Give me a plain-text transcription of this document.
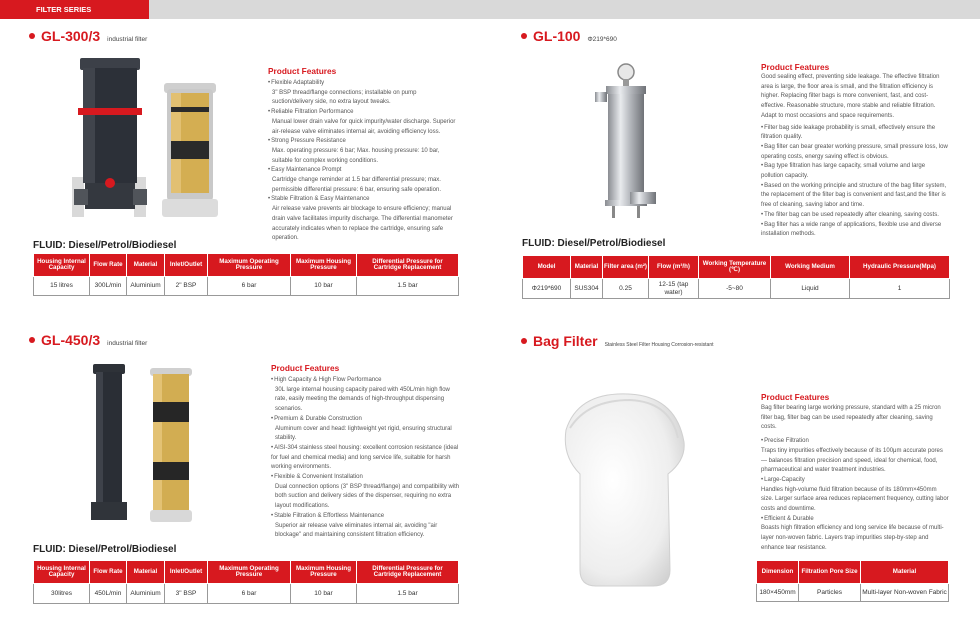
FILTER SERIES
GL-300/3 industrial filter
Product Features

• Flexible Adaptability

3" BSP thread/flange connections; installable on pump suction/delivery side, no extra layout tweaks.

• Reliable Filtration Performance

Manual lower drain valve for quick impurity/water discharge. Superior air-release valve eliminates internal air, avoiding efficiency loss.

• Strong Pressure Resistance

Max. operating pressure: 6 bar; Max. housing pressure: 10 bar, suitable for complex working conditions.

• Easy Maintenance Prompt

Cartridge change reminder at 1.5 bar differential pressure; max. permissible differential pressure: 6 bar, ensuring safe operation.

• Stable Filtration & Easy Maintenance

Air release valve prevents air blockage to ensure efficiency; manual drain valve facilitates impurity discharge. The differential manometer accurately indicates when to replace the cartridge, ensuring safe operation.

FLUID: Diesel/Petrol/Biodiesel
Housing Internal Capacity	Flow Rate	Material	Inlet/Outlet	Maximum Operating Pressure	Maximum Housing Pressure	Differential Pressure for Cartridge Replacement
15 litres	300L/min	Aluminium	2" BSP	6 bar	10 bar	1.5 bar
GL-100 Φ219*690
Product Features

Good sealing effect, preventing side leakage. The effective filtration area is large, the floor area is small, and the filtration efficiency is higher. Replacing filter bags is more convenient, fast, and cost-effective. Reasonable structure, more stable and reliable filtration. Adapt to most occasions and space requirements.

• Filter bag side leakage probability is small, effectively ensure the filtration quality.

• Bag filter can bear greater working pressure, small pressure loss, low operating costs, energy saving effect is obvious.

• Bag type filtration has large capacity, small volume and large pollution capacity.

• Based on the working principle and structure of the bag filter system, the replacement of the filter bag is convenient and fast,and the filter is free of cleaning, saving labor and time.

• The filter bag can be used repeatedly after cleaning, saving costs.

• Bag filter has a wide range of applications, flexible use and diverse installation methods.

FLUID: Diesel/Petrol/Biodiesel
Model	Material	Filter area (m²)	Flow (m³/h)	Working Temperature (℃)	Working Medium	Hydraulic Pressure(Mpa)
Φ219*690	SUS304	0.25	12-15 (tap water)	-5~80	Liquid	1
GL-450/3 industrial filter
Product Features

• High Capacity & High Flow Performance

30L large internal housing capacity paired with 450L/min high flow rate, easily meeting the demands of high-throughput dispensing scenarios.

• Premium & Durable Construction

Aluminum cover and head: lightweight yet rigid, ensuring structural stability.

• AISI-304 stainless steel housing: excellent corrosion resistance (ideal for fuel and chemical media) and long service life, suitable for harsh working environments.

• Flexible & Convenient Installation

Dual connection options (3" BSP thread/flange) and compatibility with both suction and delivery sides of the dispenser, requiring no extra layout modifications.

• Stable Filtration & Effortless Maintenance

Superior air release valve eliminates internal air, avoiding "air blockage" and maintaining consistent filtration efficiency.

FLUID: Diesel/Petrol/Biodiesel
Housing Internal Capacity	Flow Rate	Material	Inlet/Outlet	Maximum Operating Pressure	Maximum Housing Pressure	Differential Pressure for Cartridge Replacement
30litres	450L/min	Aluminium	3" BSP	6 bar	10 bar	1.5 bar
Bag Filter Stainless Steel Filter Housing Corrosion-resistant
Product Features

Bag filter bearing large working pressure, standard with a 25 micron filter bag, filter bag can be used repeatedly after cleaning, saving costs.

• Precise Filtration

Traps tiny impurities effectively because of its 100μm accurate pores — balances filtration precision and speed, ideal for chemical, food, pharmaceutical and water treatment industries.

• Large-Capacity

Handles high-volume fluid filtration because of its 180mm×450mm size. Larger surface area reduces replacement frequency, cutting labor costs and downtime.

• Efficient & Durable

Boasts high filtration efficiency and long service life because of multi-layer non-woven fabric. Layers trap impurities step-by-step and enhance tear resistance.

Dimension	Filtration Pore Size	Material
180×450mm	Particles	Multi-layer Non-woven Fabric
